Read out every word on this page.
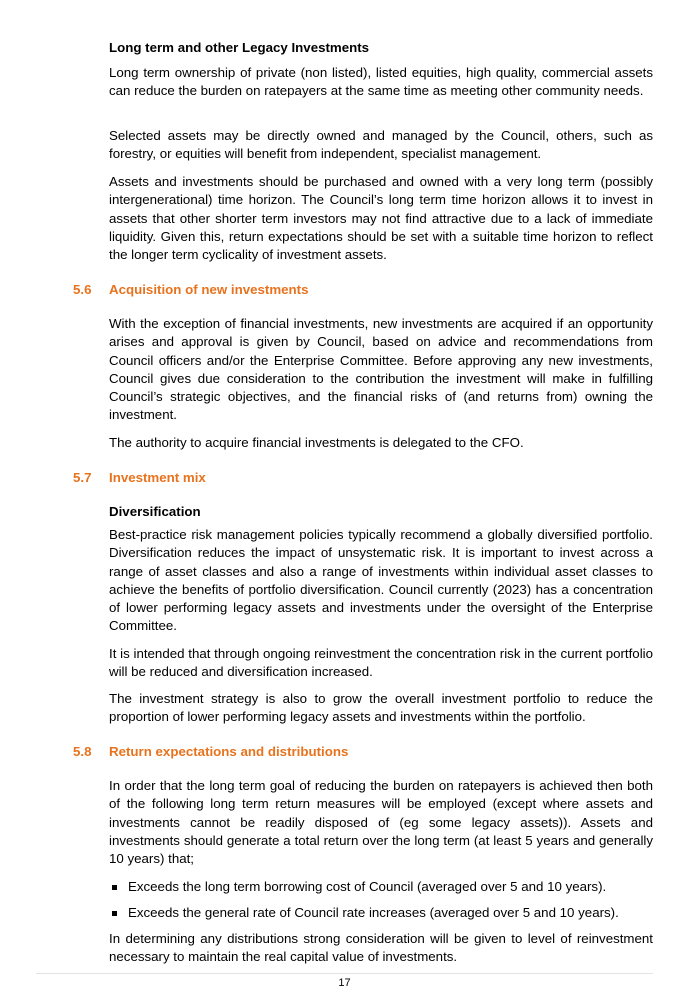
Long term and other Legacy Investments

Long term ownership of private (non listed), listed equities, high quality, commercial assets can reduce the burden on ratepayers at the same time as meeting other community needs.

Selected assets may be directly owned and managed by the Council, others, such as forestry, or equities will benefit from independent, specialist management.

Assets and investments should be purchased and owned with a very long term (possibly intergenerational) time horizon. The Council’s long term time horizon allows it to invest in assets that other shorter term investors may not find attractive due to a lack of immediate liquidity. Given this, return expectations should be set with a suitable time horizon to reflect the longer term cyclicality of investment assets.

5.6 Acquisition of new investments

With the exception of financial investments, new investments are acquired if an opportunity arises and approval is given by Council, based on advice and recommendations from Council officers and/or the Enterprise Committee. Before approving any new investments, Council gives due consideration to the contribution the investment will make in fulfilling Council’s strategic objectives, and the financial risks of (and returns from) owning the investment.

The authority to acquire financial investments is delegated to the CFO.

5.7 Investment mix

Diversification

Best-practice risk management policies typically recommend a globally diversified portfolio. Diversification reduces the impact of unsystematic risk. It is important to invest across a range of asset classes and also a range of investments within individual asset classes to achieve the benefits of portfolio diversification. Council currently (2023) has a concentration of lower performing legacy assets and investments under the oversight of the Enterprise Committee.

It is intended that through ongoing reinvestment the concentration risk in the current portfolio will be reduced and diversification increased.

The investment strategy is also to grow the overall investment portfolio to reduce the proportion of lower performing legacy assets and investments within the portfolio.

5.8 Return expectations and distributions

In order that the long term goal of reducing the burden on ratepayers is achieved then both of the following long term return measures will be employed (except where assets and investments cannot be readily disposed of (eg some legacy assets)). Assets and investments should generate a total return over the long term (at least 5 years and generally 10 years) that;

Exceeds the long term borrowing cost of Council (averaged over 5 and 10 years).
Exceeds the general rate of Council rate increases (averaged over 5 and 10 years).

In determining any distributions strong consideration will be given to level of reinvestment necessary to maintain the real capital value of investments.

17
